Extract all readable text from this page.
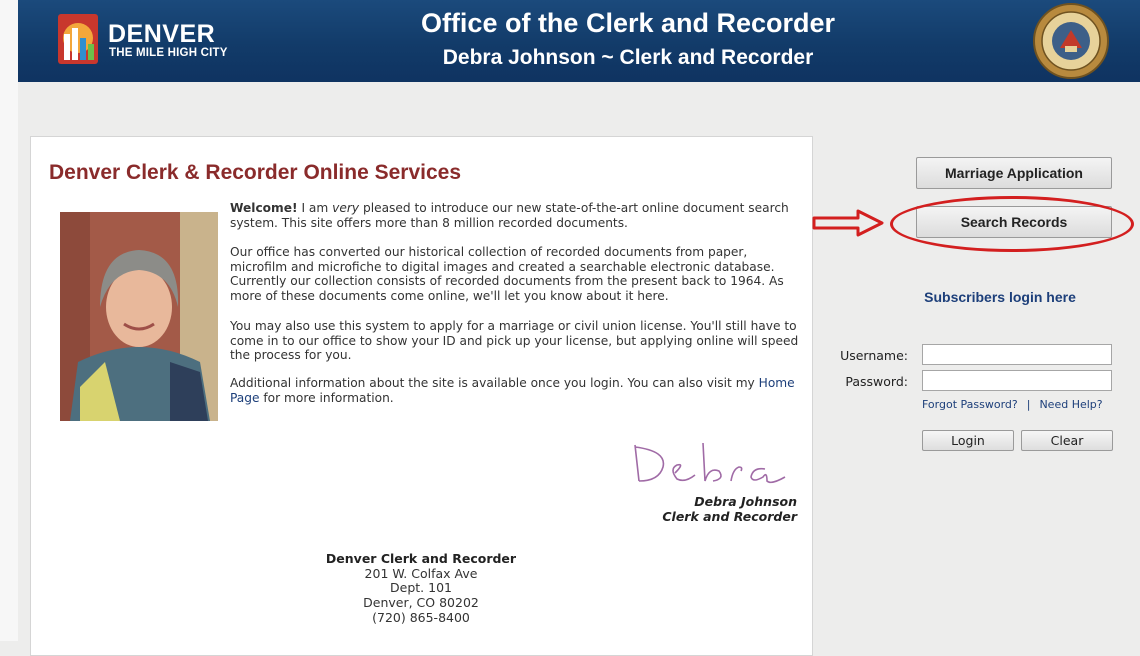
DENVER
THE MILE HIGH CITY
Office of the Clerk and Recorder
Debra Johnson ~ Clerk and Recorder
Denver Clerk & Recorder Online Services

Welcome! I am very pleased to introduce our new state-of-the-art online document search system. This site offers more than 8 million recorded documents.

Our office has converted our historical collection of recorded documents from paper, microfilm and microfiche to digital images and created a searchable electronic database. Currently our collection consists of recorded documents from the present back to 1964. As more of these documents come online, we'll let you know about it here.

You may also use this system to apply for a marriage or civil union license. You'll still have to come in to our office to show your ID and pick up your license, but applying online will speed the process for you.

Additional information about the site is available once you login. You can also visit my Home Page for more information.

Debra Johnson
Clerk and Recorder
Denver Clerk and Recorder
201 W. Colfax Ave
Dept. 101
Denver, CO 80202
(720) 865-8400
Marriage Application
Search Records
Subscribers login here
Username:
Password:
Forgot Password? | Need Help?
Login	Clear
